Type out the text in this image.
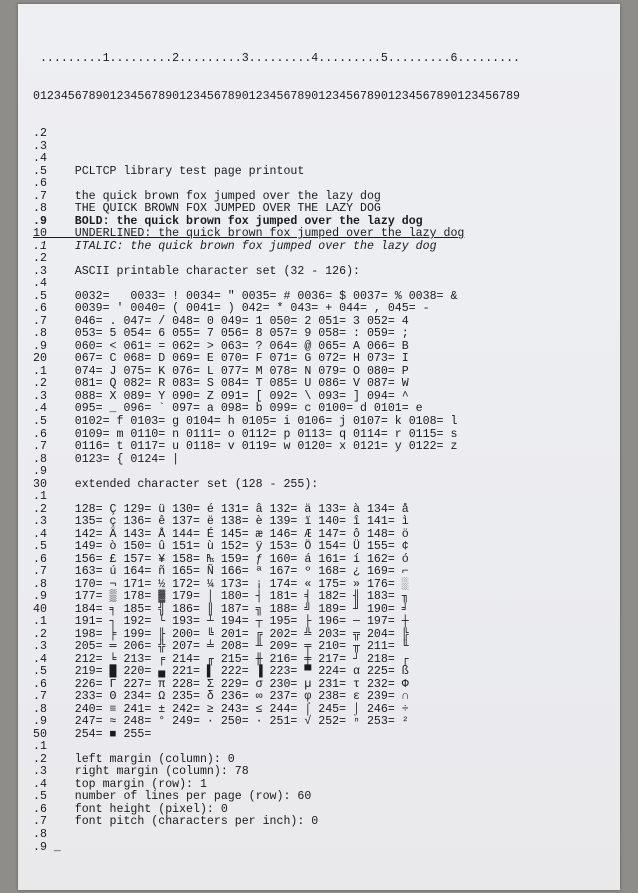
.........1.........2.........3.........4.........5.........6.........

0123456789012345678901234567890123456789012345678901234567890123456789

.2
.3
.4
.5    PCLTCP library test page printout
.6
.7    the quick brown fox jumped over the lazy dog
.8    THE QUICK BROWN FOX JUMPED OVER THE LAZY DOG
.9    BOLD: the quick brown fox jumped over the lazy dog
10    UNDERLINED: the quick brown fox jumped over the lazy dog
.1    ITALIC: the quick brown fox jumped over the lazy dog
.2
.3    ASCII printable character set (32 - 126):
.4
.5    0032=   0033= ! 0034= " 0035= # 0036= $ 0037= % 0038= &
.6    0039= ' 0040= ( 0041= ) 042= * 043= + 044= , 045= -
.7    046= . 047= / 048= 0 049= 1 050= 2 051= 3 052= 4
.8    053= 5 054= 6 055= 7 056= 8 057= 9 058= : 059= ;
.9    060= < 061= = 062= > 063= ? 064= @ 065= A 066= B
20    067= C 068= D 069= E 070= F 071= G 072= H 073= I
.1    074= J 075= K 076= L 077= M 078= N 079= O 080= P
.2    081= Q 082= R 083= S 084= T 085= U 086= V 087= W
.3    088= X 089= Y 090= Z 091= [ 092= \ 093= ] 094= ^
.4    095= _ 096= ` 097= a 098= b 099= c 0100= d 0101= e
.5    0102= f 0103= g 0104= h 0105= i 0106= j 0107= k 0108= l
.6    0109= m 0110= n 0111= o 0112= p 0113= q 0114= r 0115= s
.7    0116= t 0117= u 0118= v 0119= w 0120= x 0121= y 0122= z
.8    0123= { 0124= |
.9
30    extended character set (128 - 255):
.1
.2    128= Ç 129= ü 130= é 131= â 132= ä 133= à 134= å
.3    135= ç 136= ê 137= ë 138= è 139= ï 140= î 141= ì
.4    142= Ä 143= Å 144= É 145= æ 146= Æ 147= ô 148= ö
.5    149= ò 150= û 151= ù 152= ÿ 153= Ö 154= Ü 155= ¢
.6    156= £ 157= ¥ 158= ₧ 159= ƒ 160= á 161= í 162= ó
.7    163= ú 164= ñ 165= Ñ 166= ª 167= º 168= ¿ 169= ⌐
.8    170= ¬ 171= ½ 172= ¼ 173= ¡ 174= « 175= » 176= ░
.9    177= ▒ 178= ▓ 179= │ 180= ┤ 181= ╡ 182= ╢ 183= ╖
40    184= ╕ 185= ╣ 186= ║ 187= ╗ 188= ╝ 189= ╜ 190= ╛
.1    191= ┐ 192= └ 193= ┴ 194= ┬ 195= ├ 196= ─ 197= ┼
.2    198= ╞ 199= ╟ 200= ╚ 201= ╔ 202= ╩ 203= ╦ 204= ╠
.3    205= ═ 206= ╬ 207= ╧ 208= ╨ 209= ╤ 210= ╥ 211= ╙
.4    212= ╘ 213= ╒ 214= ╓ 215= ╫ 216= ╪ 217= ┘ 218= ┌
.5    219= █ 220= ▄ 221= ▌ 222= ▐ 223= ▀ 224= α 225= ß
.6    226= Γ 227= π 228= Σ 229= σ 230= µ 231= τ 232= Φ
.7    233= Θ 234= Ω 235= δ 236= ∞ 237= φ 238= ε 239= ∩
.8    240= ≡ 241= ± 242= ≥ 243= ≤ 244= ⌠ 245= ⌡ 246= ÷
.9    247= ≈ 248= ° 249= · 250= · 251= √ 252= ⁿ 253= ²
50    254= ■ 255=
.1
.2    left margin (column): 0
.3    right margin (column): 78
.4    top margin (row): 1
.5    number of lines per page (row): 60
.6    font height (pixel): 0
.7    font pitch (characters per inch): 0
.8
.9 _
